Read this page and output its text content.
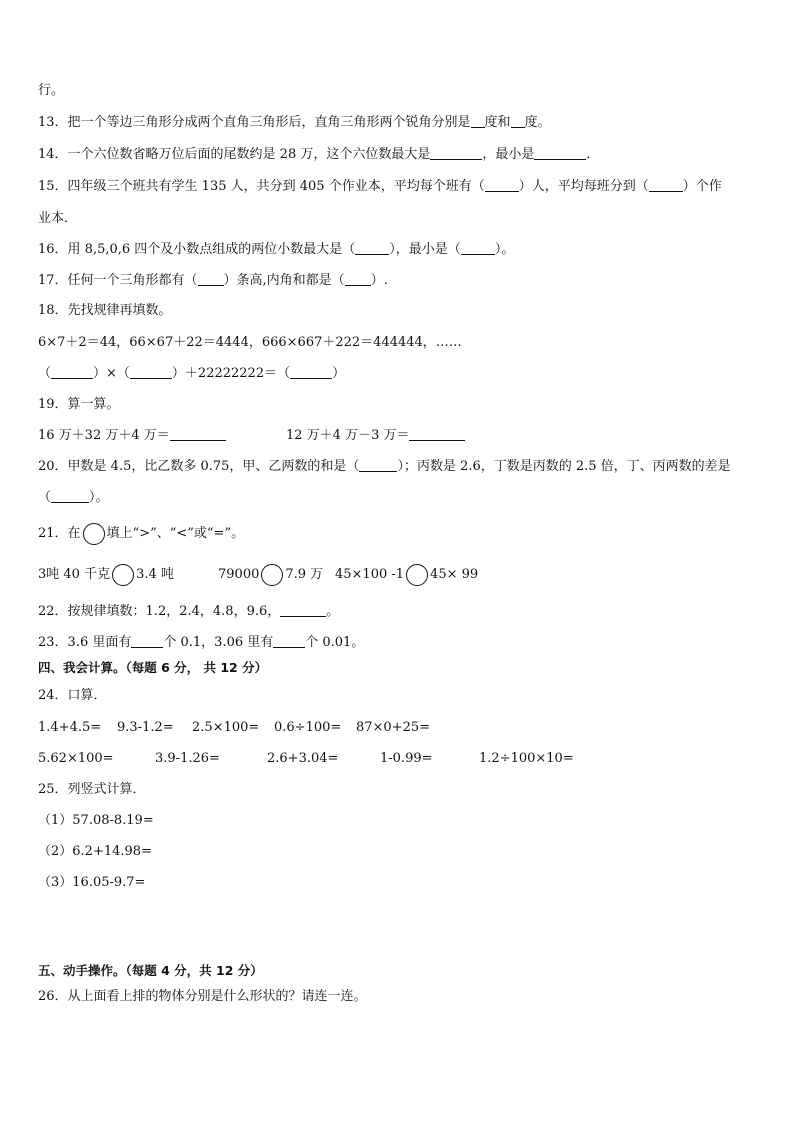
行。
13．把一个等边三角形分成两个直角三角形后，直角三角形两个锐角分别是 度和 度。
14．一个六位数省略万位后面的尾数约是 28 万，这个六位数最大是	，最小是	．
15．四年级三个班共有学生 135 人，共分到 405 个作业本，平均每个班有（	）人，平均每班分到（	）个作
业本．
16．用 8,5,0,6 四个及小数点组成的两位小数最大是（	），最小是（	）。
17．任何一个三角形都有（ ）条高,内角和都是（ ）.
18．先找规律再填数。
6×7＋2＝44，66×67＋22＝4444，666×667＋222＝444444，……
（	）×（	）＋22222222＝（	）
19．算一算。
16 万＋32 万＋4 万＝	12 万＋4 万－3 万＝
20．甲数是 4.5，比乙数多 0.75，甲、乙两数的和是（	）；丙数是 2.6，丁数是丙数的 2.5 倍，丁、丙两数的差是
（	）。
21．在 填上“>”、“<”或“=”。
3吨 40 千克 3.4 吨	79000 7.9 万 45×100 -1 45× 99
22．按规律填数：1.2，2.4，4.8，9.6，	。
23．3.6 里面有 个 0.1，3.06 里有 个 0.01。
四、我会计算。（每题 6 分， 共 12 分）
24．口算．
1.4+4.5= 9.3-1.2= 2.5×100= 0.6÷100= 87×0+25=
5.62×100=	3.9-1.26=	2.6+3.04=	1-0.99=	1.2÷100×10=
25．列竖式计算．
（1）57.08-8.19=
（2）6.2+14.98=
（3）16.05-9.7=
五、动手操作。（每题 4 分，共 12 分）
26．从上面看上排的物体分别是什么形状的？请连一连。
